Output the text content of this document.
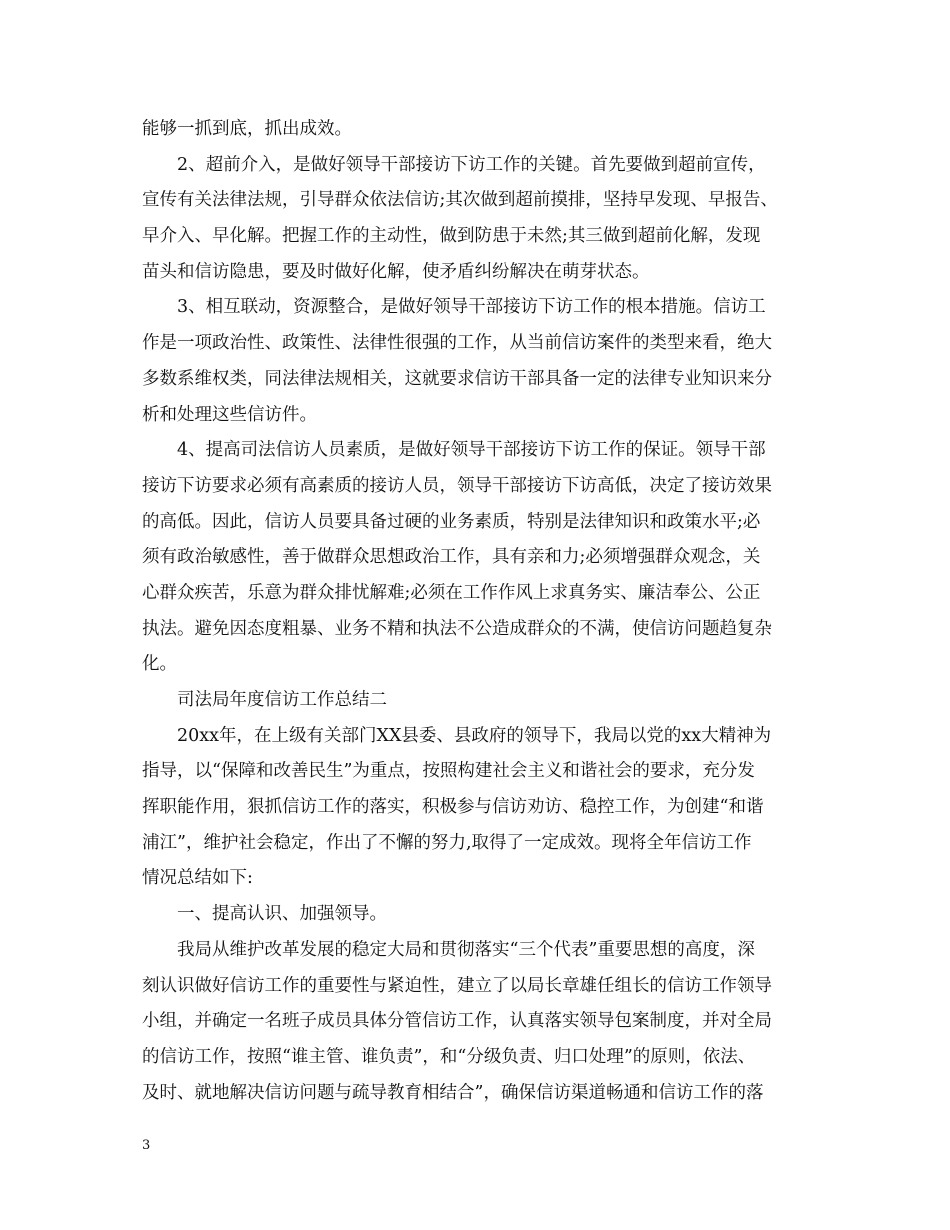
能够一抓到底，抓出成效。
2、超前介入，是做好领导干部接访下访工作的关键。首先要做到超前宣传，
宣传有关法律法规，引导群众依法信访;其次做到超前摸排，坚持早发现、早报告、
早介入、早化解。把握工作的主动性，做到防患于未然;其三做到超前化解，发现
苗头和信访隐患，要及时做好化解，使矛盾纠纷解决在萌芽状态。
3、相互联动，资源整合，是做好领导干部接访下访工作的根本措施。信访工
作是一项政治性、政策性、法律性很强的工作，从当前信访案件的类型来看，绝大
多数系维权类，同法律法规相关，这就要求信访干部具备一定的法律专业知识来分
析和处理这些信访件。
4、提高司法信访人员素质，是做好领导干部接访下访工作的保证。领导干部
接访下访要求必须有高素质的接访人员，领导干部接访下访高低，决定了接访效果
的高低。因此，信访人员要具备过硬的业务素质，特别是法律知识和政策水平;必
须有政治敏感性，善于做群众思想政治工作，具有亲和力;必须增强群众观念，关
心群众疾苦，乐意为群众排忧解难;必须在工作作风上求真务实、廉洁奉公、公正
执法。避免因态度粗暴、业务不精和执法不公造成群众的不满，使信访问题趋复杂
化。
司法局年度信访工作总结二
20xx年，在上级有关部门XX县委、县政府的领导下，我局以党的xx大精神为
指导，以“保障和改善民生”为重点，按照构建社会主义和谐社会的要求，充分发
挥职能作用，狠抓信访工作的落实，积极参与信访劝访、稳控工作，为创建“和谐
浦江”，维护社会稳定，作出了不懈的努力,取得了一定成效。现将全年信访工作
情况总结如下:
一、提高认识、加强领导。
我局从维护改革发展的稳定大局和贯彻落实“三个代表”重要思想的高度，深
刻认识做好信访工作的重要性与紧迫性，建立了以局长章雄任组长的信访工作领导
小组，并确定一名班子成员具体分管信访工作，认真落实领导包案制度，并对全局
的信访工作，按照“谁主管、谁负责”，和“分级负责、归口处理”的原则，依法、
及时、就地解决信访问题与疏导教育相结合”，确保信访渠道畅通和信访工作的落
3
